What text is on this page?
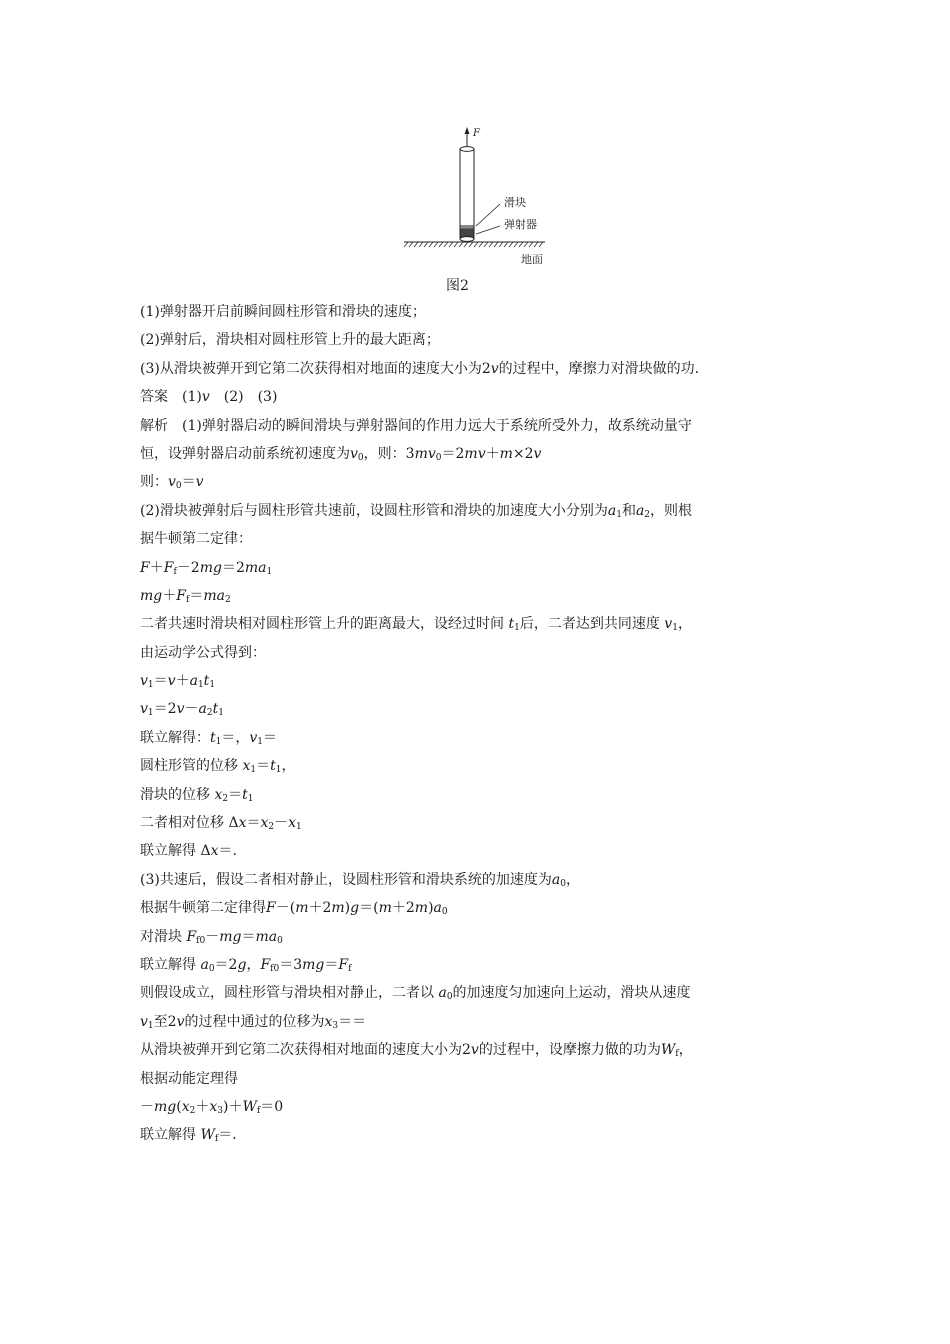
F
滑块
弹射器
地面
图2
(1)弹射器开启前瞬间圆柱形管和滑块的速度；
(2)弹射后，滑块相对圆柱形管上升的最大距离；
(3)从滑块被弹开到它第二次获得相对地面的速度大小为2v的过程中，摩擦力对滑块做的功.
答案　(1)v　(2)　(3)
解析　(1)弹射器启动的瞬间滑块与弹射器间的作用力远大于系统所受外力，故系统动量守
恒，设弹射器启动前系统初速度为$v_0$，则：$3mv_0=2mv+m\times 2v$
则：$v_0=v$
(2)滑块被弹射后与圆柱形管共速前，设圆柱形管和滑块的加速度大小分别为$a_1$和$a_2$，则根
据牛顿第二定律：
$F+F_f-2mg=2ma_1$
$mg+F_f=ma_2$
二者共速时滑块相对圆柱形管上升的距离最大，设经过时间 $t_1$后，二者达到共同速度 $v_1$，
由运动学公式得到：
$v_1=v+a_1t_1$
$v_1=2v-a_2t_1$
联立解得：$t_1=$，$v_1=$
圆柱形管的位移 $x_1=t_1$，
滑块的位移 $x_2=t_1$
二者相对位移 $\Delta x=x_2-x_1$
联立解得 Δx＝.
(3)共速后，假设二者相对静止，设圆柱形管和滑块系统的加速度为$a_0$，
根据牛顿第二定律得$F-(m+2m)g=(m+2m)a_0$
对滑块 $F_{f0}-mg=ma_0$
联立解得 $a_0=2g$，$F_{f0}=3mg=F_f$
则假设成立，圆柱形管与滑块相对静止，二者以 $a_0$的加速度匀加速向上运动，滑块从速度
$v_1$至2v的过程中通过的位移为$x_3==$
从滑块被弹开到它第二次获得相对地面的速度大小为2v的过程中，设摩擦力做的功为$W_f$，
根据动能定理得
$-mg(x_2+x_3)+W_f=0$
联立解得 $W_f=$.
